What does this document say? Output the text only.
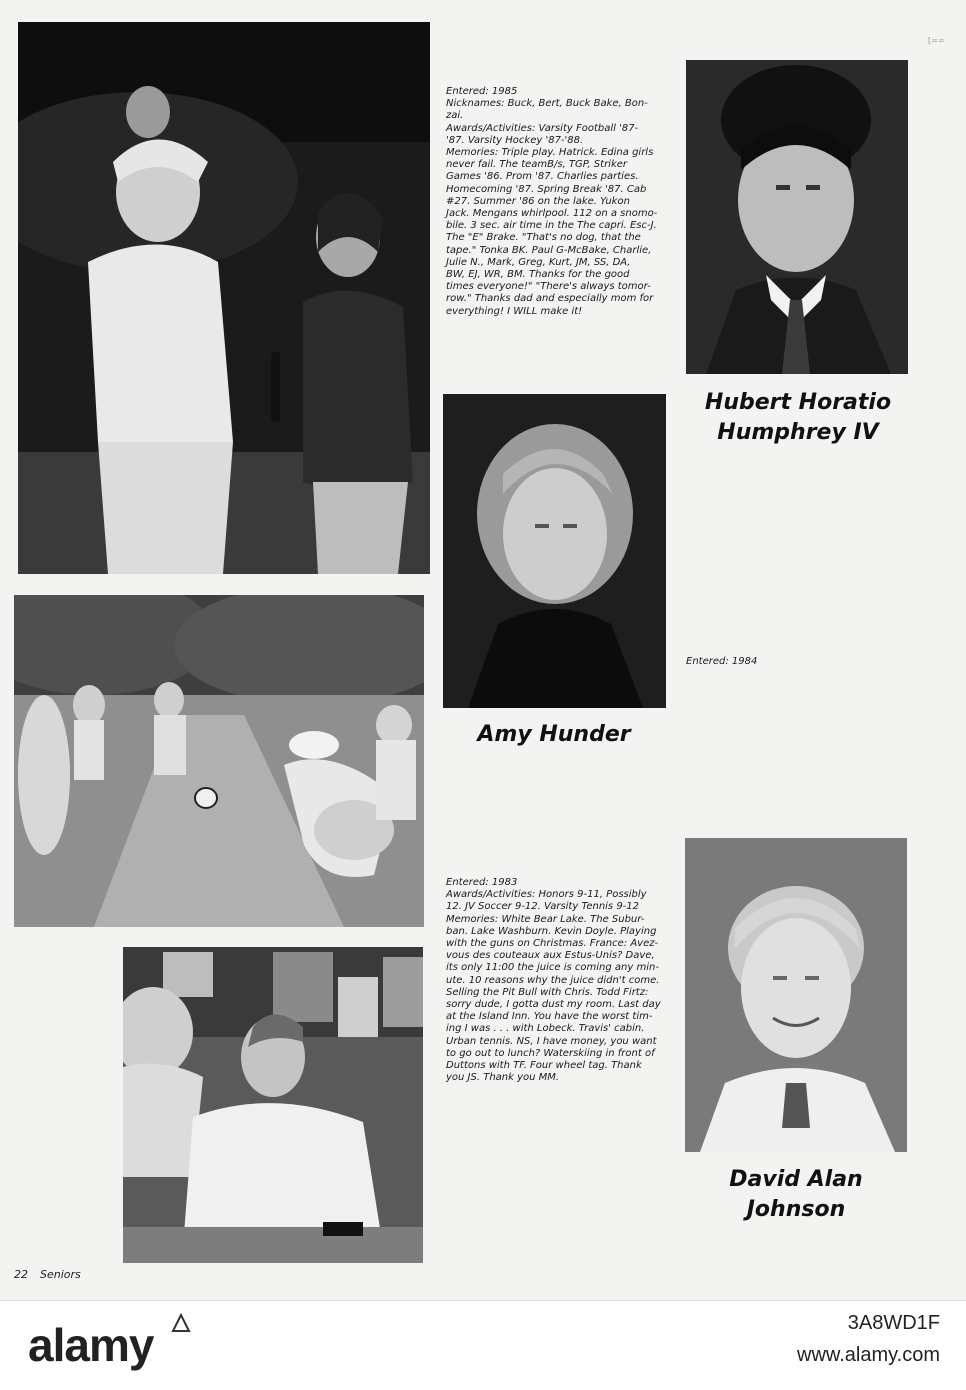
Entered: 1985

Nicknames: Buck, Bert, Buck Bake, Bon-

zai.

Awards/Activities: Varsity Football '87-

'87. Varsity Hockey '87-'88.

Memories: Triple play. Hatrick. Edina girls

never fail. The teamB/s, TGP, Striker

Games '86. Prom '87. Charlies parties.

Homecoming '87. Spring Break '87. Cab

#27. Summer '86 on the lake. Yukon

Jack. Mengans whirlpool. 112 on a snomo-

bile. 3 sec. air time in the The capri. Esc-J.

The "E" Brake. "That's no dog, that the

tape." Tonka BK. Paul G-McBake, Charlie,

Julie N., Mark, Greg, Kurt, JM, SS, DA,

BW, EJ, WR, BM. Thanks for the good

times everyone!" "There's always tomor-

row." Thanks dad and especially mom for

everything! I WILL make it!

Hubert Horatio
Humphrey IV
Entered: 1984
Amy Hunder

Entered: 1983

Awards/Activities: Honors 9-11, Possibly

12. JV Soccer 9-12. Varsity Tennis 9-12

Memories: White Bear Lake. The Subur-

ban. Lake Washburn. Kevin Doyle. Playing

with the guns on Christmas. France: Avez-

vous des couteaux aux Estus-Unis? Dave,

its only 11:00 the juice is coming any min-

ute. 10 reasons why the juice didn't come.

Selling the Pit Bull with Chris. Todd Firtz:

sorry dude, I gotta dust my room. Last day

at the Island Inn. You have the worst tim-

ing I was . . . with Lobeck. Travis' cabin.

Urban tennis. NS, I have money, you want

to go out to lunch? Waterskiing in front of

Duttons with TF. Four wheel tag. Thank

you JS. Thank you MM.

David Alan
Johnson
[==
22 Seniors
alamy	3A8WD1F
www.alamy.com
